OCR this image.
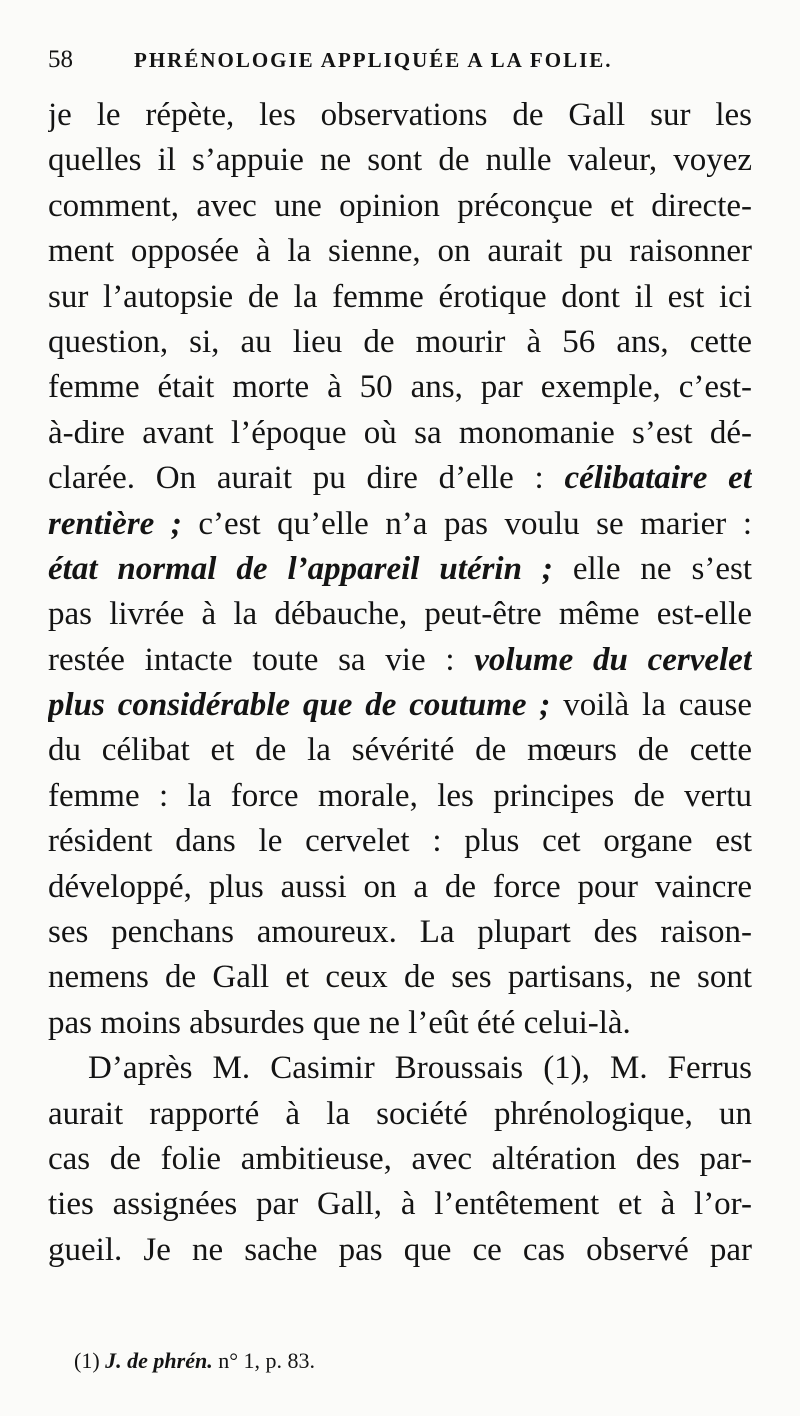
58	PHRÉNOLOGIE APPLIQUÉE A LA FOLIE.
je le répète, les observations de Gall sur les
quelles il s’appuie ne sont de nulle valeur, voyez
comment, avec une opinion préconçue et directe-
ment opposée à la sienne, on aurait pu raisonner
sur l’autopsie de la femme érotique dont il est ici
question, si, au lieu de mourir à 56 ans, cette
femme était morte à 50 ans, par exemple, c’est-
à-dire avant l’époque où sa monomanie s’est dé-
clarée. On aurait pu dire d’elle : célibataire et
rentière ; c’est qu’elle n’a pas voulu se marier :
état normal de l’appareil utérin ; elle ne s’est
pas livrée à la débauche, peut-être même est-elle
restée intacte toute sa vie : volume du cervelet
plus considérable que de coutume ; voilà la cause
du célibat et de la sévérité de mœurs de cette
femme : la force morale, les principes de vertu
résident dans le cervelet : plus cet organe est
développé, plus aussi on a de force pour vaincre
ses penchans amoureux. La plupart des raison-
nemens de Gall et ceux de ses partisans, ne sont
pas moins absurdes que ne l’eût été celui-là.
D’après M. Casimir Broussais (1), M. Ferrus
aurait rapporté à la société phrénologique, un
cas de folie ambitieuse, avec altération des par-
ties assignées par Gall, à l’entêtement et à l’or-
gueil. Je ne sache pas que ce cas observé par
(1) J. de phrén. n° 1, p. 83.
